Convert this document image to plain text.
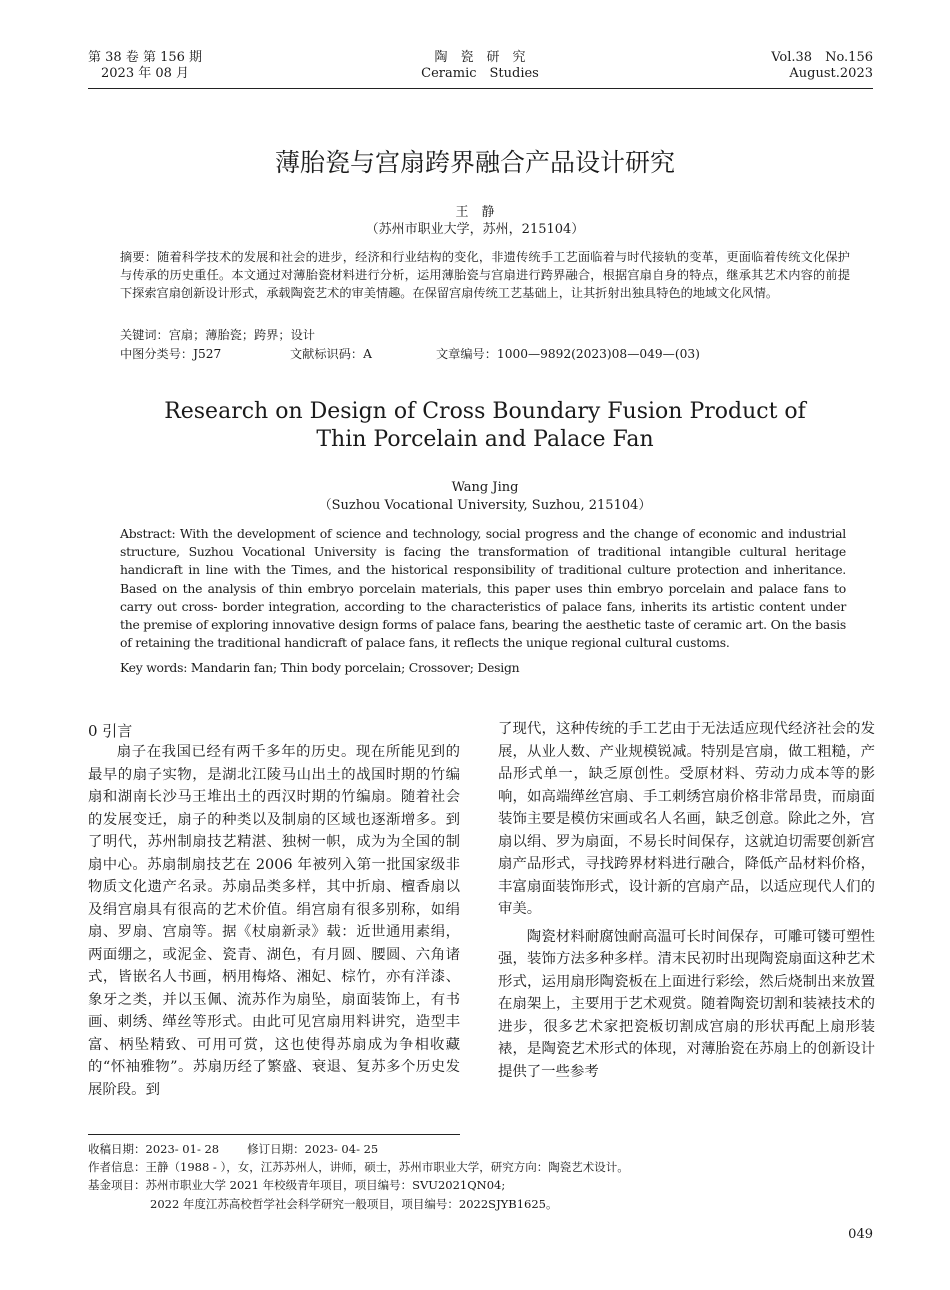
第 38 卷 第 156 期
2023 年 08 月
陶　瓷　研　究
Ceramic　Studies
Vol.38　No.156
August.2023
薄胎瓷与宫扇跨界融合产品设计研究
王　静
（苏州市职业大学，苏州，215104）
摘要：随着科学技术的发展和社会的进步，经济和行业结构的变化，非遗传统手工艺面临着与时代接轨的变革，更面临着传统文化保护与传承的历史重任。本文通过对薄胎瓷材料进行分析，运用薄胎瓷与宫扇进行跨界融合，根据宫扇自身的特点，继承其艺术内容的前提下探索宫扇创新设计形式，承载陶瓷艺术的审美情趣。在保留宫扇传统工艺基础上，让其折射出独具特色的地域文化风情。
关键词：宫扇；薄胎瓷；跨界；设计
中图分类号：J527	文献标识码：A	文章编号：1000—9892(2023)08—049—(03)
Research on Design of Cross Boundary Fusion Product of
Thin Porcelain and Palace Fan
Wang Jing
（Suzhou Vocational University, Suzhou, 215104）
Abstract: With the development of science and technology, social progress and the change of economic and industrial structure, Suzhou Vocational University is facing the transformation of traditional intangible cultural heritage handicraft in line with the Times, and the historical responsibility of traditional culture protection and inheritance. Based on the analysis of thin embryo porcelain materials, this paper uses thin embryo porcelain and palace fans to carry out cross- border integration, according to the characteristics of palace fans, inherits its artistic content under the premise of exploring innovative design forms of palace fans, bearing the aesthetic taste of ceramic art. On the basis of retaining the traditional handicraft of palace fans, it reflects the unique regional cultural customs.
Key words: Mandarin fan; Thin body porcelain; Crossover; Design
0 引言
扇子在我国已经有两千多年的历史。现在所能见到的最早的扇子实物，是湖北江陵马山出土的战国时期的竹编扇和湖南长沙马王堆出土的西汉时期的竹编扇。随着社会的发展变迁，扇子的种类以及制扇的区域也逐渐增多。到了明代，苏州制扇技艺精湛、独树一帜，成为为全国的制扇中心。苏扇制扇技艺在 2006 年被列入第一批国家级非物质文化遗产名录。苏扇品类多样，其中折扇、檀香扇以及绢宫扇具有很高的艺术价值。绢宫扇有很多别称，如绢扇、罗扇、宫扇等。据《杖扇新录》载：近世通用素绢，两面绷之，或泥金、瓷青、湖色，有月圆、腰圆、六角诸式，皆嵌名人书画，柄用梅烙、湘妃、棕竹，亦有洋漆、象牙之类，并以玉佩、流苏作为扇坠，扇面装饰上，有书画、刺绣、缂丝等形式。由此可见宫扇用料讲究，造型丰富、柄坠精致、可用可赏，这也使得苏扇成为争相收藏的“怀袖雅物”。苏扇历经了繁盛、衰退、复苏多个历史发展阶段。到
了现代，这种传统的手工艺由于无法适应现代经济社会的发展，从业人数、产业规模锐减。特别是宫扇，做工粗糙，产品形式单一，缺乏原创性。受原材料、劳动力成本等的影响，如高端缂丝宫扇、手工刺绣宫扇价格非常昂贵，而扇面装饰主要是模仿宋画或名人名画，缺乏创意。除此之外，宫扇以绢、罗为扇面，不易长时间保存，这就迫切需要创新宫扇产品形式，寻找跨界材料进行融合，降低产品材料价格，丰富扇面装饰形式，设计新的宫扇产品，以适应现代人们的审美。
陶瓷材料耐腐蚀耐高温可长时间保存，可雕可镂可塑性强，装饰方法多种多样。清末民初时出现陶瓷扇面这种艺术形式，运用扇形陶瓷板在上面进行彩绘，然后烧制出来放置在扇架上，主要用于艺术观赏。随着陶瓷切割和装裱技术的进步，很多艺术家把瓷板切割成宫扇的形状再配上扇形装裱，是陶瓷艺术形式的体现，对薄胎瓷在苏扇上的创新设计提供了一些参考
收稿日期：2023- 01- 28 修订日期：2023- 04- 25
作者信息：王静（1988 - ），女，江苏苏州人，讲师，硕士，苏州市职业大学，研究方向：陶瓷艺术设计。
基金项目：苏州市职业大学 2021 年校级青年项目，项目编号：SVU2021QN04;
2022 年度江苏高校哲学社会科学研究一般项目，项目编号：2022SJYB1625。
049
